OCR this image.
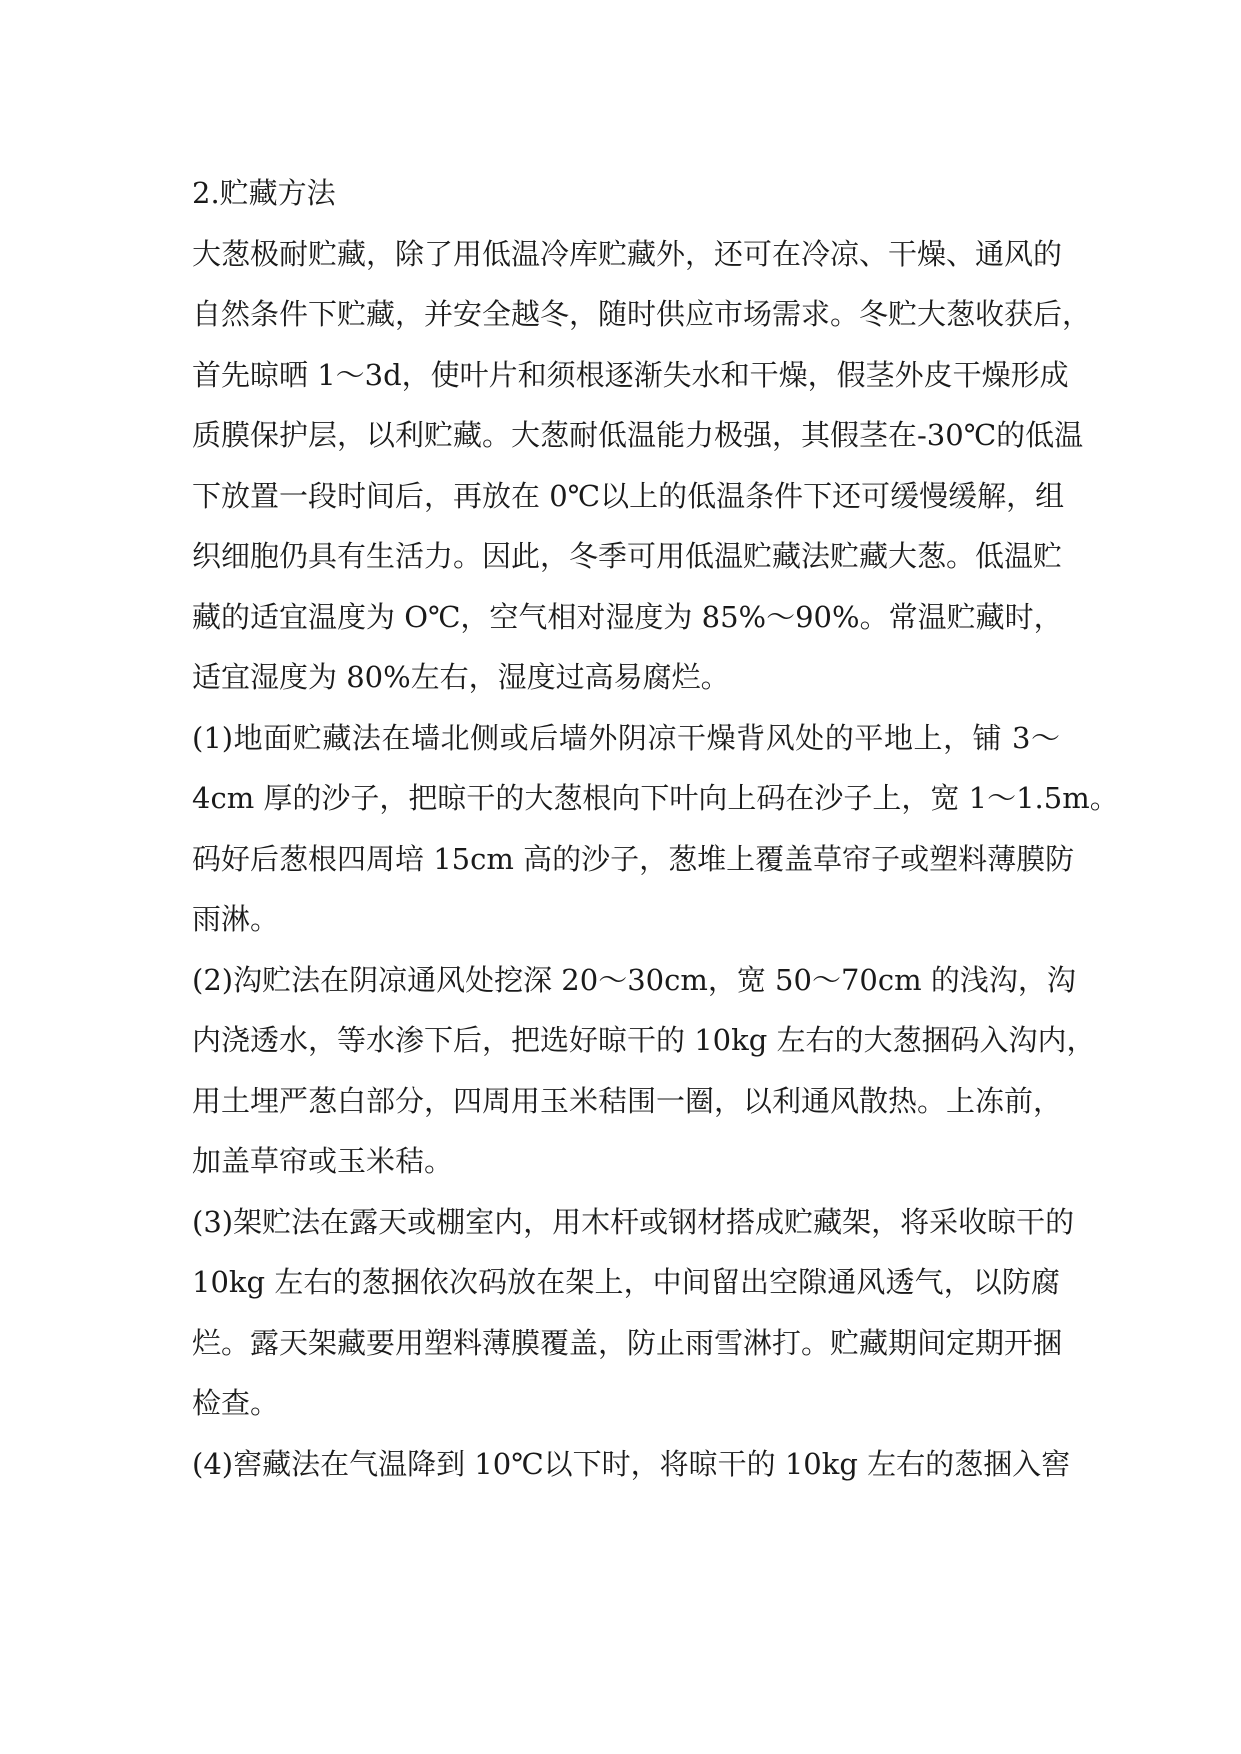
2.贮藏方法
大葱极耐贮藏，除了用低温冷库贮藏外，还可在冷凉、干燥、通风的
自然条件下贮藏，并安全越冬，随时供应市场需求。冬贮大葱收获后，
首先晾晒 1～3d，使叶片和须根逐渐失水和干燥，假茎外皮干燥形成
质膜保护层，以利贮藏。大葱耐低温能力极强，其假茎在-30℃的低温
下放置一段时间后，再放在 0℃以上的低温条件下还可缓慢缓解，组
织细胞仍具有生活力。因此，冬季可用低温贮藏法贮藏大葱。低温贮
藏的适宜温度为 O℃，空气相对湿度为 85%～90%。常温贮藏时，
适宜湿度为 80%左右，湿度过高易腐烂。
(1)地面贮藏法在墙北侧或后墙外阴凉干燥背风处的平地上，铺 3～
4cm 厚的沙子，把晾干的大葱根向下叶向上码在沙子上，宽 1～1.5m。
码好后葱根四周培 15cm 高的沙子，葱堆上覆盖草帘子或塑料薄膜防
雨淋。
(2)沟贮法在阴凉通风处挖深 20～30cm，宽 50～70cm 的浅沟，沟
内浇透水，等水渗下后，把选好晾干的 10kg 左右的大葱捆码入沟内，
用土埋严葱白部分，四周用玉米秸围一圈，以利通风散热。上冻前，
加盖草帘或玉米秸。
(3)架贮法在露天或棚室内，用木杆或钢材搭成贮藏架，将采收晾干的
10kg 左右的葱捆依次码放在架上，中间留出空隙通风透气，以防腐
烂。露天架藏要用塑料薄膜覆盖，防止雨雪淋打。贮藏期间定期开捆
检查。
(4)窖藏法在气温降到 10℃以下时，将晾干的 10kg 左右的葱捆入窖
